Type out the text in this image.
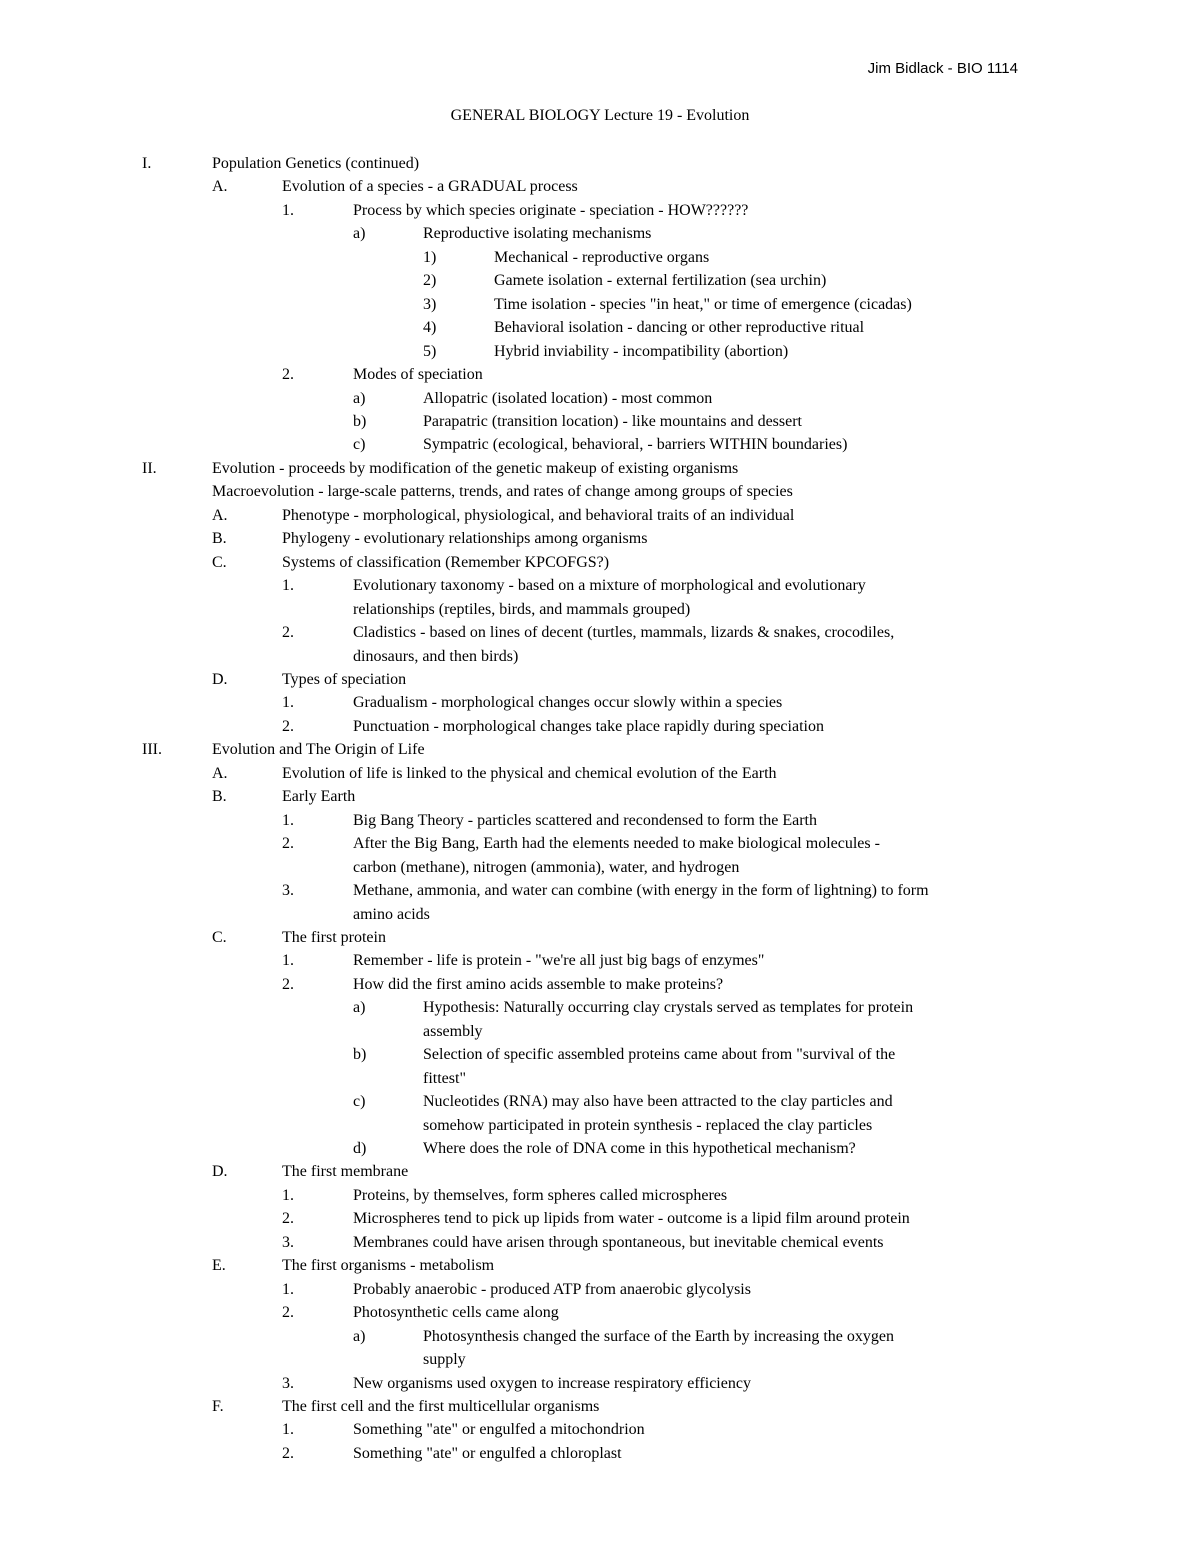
Jim Bidlack - BIO 1114
GENERAL BIOLOGY Lecture 19 - Evolution
I.	Population Genetics (continued)

A.	Evolution of a species - a GRADUAL process

1.	Process by which species originate - speciation - HOW??????

a)	Reproductive isolating mechanisms

1)	Mechanical - reproductive organs

2)	Gamete isolation - external fertilization (sea urchin)

3)	Time isolation - species "in heat," or time of emergence (cicadas)

4)	Behavioral isolation - dancing or other reproductive ritual

5)	Hybrid inviability - incompatibility (abortion)

2.	Modes of speciation

a)	Allopatric (isolated location) - most common

b)	Parapatric (transition location) - like mountains and dessert

c)	Sympatric (ecological, behavioral, - barriers WITHIN boundaries)

II.	Evolution - proceeds by modification of the genetic makeup of existing organisms

Macroevolution - large-scale patterns, trends, and rates of change among groups of species

A.	Phenotype - morphological, physiological, and behavioral traits of an individual

B.	Phylogeny - evolutionary relationships among organisms

C.	Systems of classification (Remember KPCOFGS?)

1.	Evolutionary taxonomy - based on a mixture of morphological and evolutionary

relationships (reptiles, birds, and mammals grouped)

2.	Cladistics - based on lines of decent (turtles, mammals, lizards & snakes, crocodiles,

dinosaurs, and then birds)

D.	Types of speciation

1.	Gradualism - morphological changes occur slowly within a species

2.	Punctuation - morphological changes take place rapidly during speciation

III.	Evolution and The Origin of Life

A.	Evolution of life is linked to the physical and chemical evolution of the Earth

B.	Early Earth

1.	Big Bang Theory - particles scattered and recondensed to form the Earth

2.	After the Big Bang, Earth had the elements needed to make biological molecules -

carbon (methane), nitrogen (ammonia), water, and hydrogen

3.	Methane, ammonia, and water can combine (with energy in the form of lightning) to form

amino acids

C.	The first protein

1.	Remember - life is protein - "we're all just big bags of enzymes"

2.	How did the first amino acids assemble to make proteins?

a)	Hypothesis: Naturally occurring clay crystals served as templates for protein

assembly

b)	Selection of specific assembled proteins came about from "survival of the

fittest"

c)	Nucleotides (RNA) may also have been attracted to the clay particles and

somehow participated in protein synthesis - replaced the clay particles

d)	Where does the role of DNA come in this hypothetical mechanism?

D.	The first membrane

1.	Proteins, by themselves, form spheres called microspheres

2.	Microspheres tend to pick up lipids from water - outcome is a lipid film around protein

3.	Membranes could have arisen through spontaneous, but inevitable chemical events

E.	The first organisms - metabolism

1.	Probably anaerobic - produced ATP from anaerobic glycolysis

2.	Photosynthetic cells came along

a)	Photosynthesis changed the surface of the Earth by increasing the oxygen

supply

3.	New organisms used oxygen to increase respiratory efficiency

F.	The first cell and the first multicellular organisms

1.	Something "ate" or engulfed a mitochondrion

2.	Something "ate" or engulfed a chloroplast
